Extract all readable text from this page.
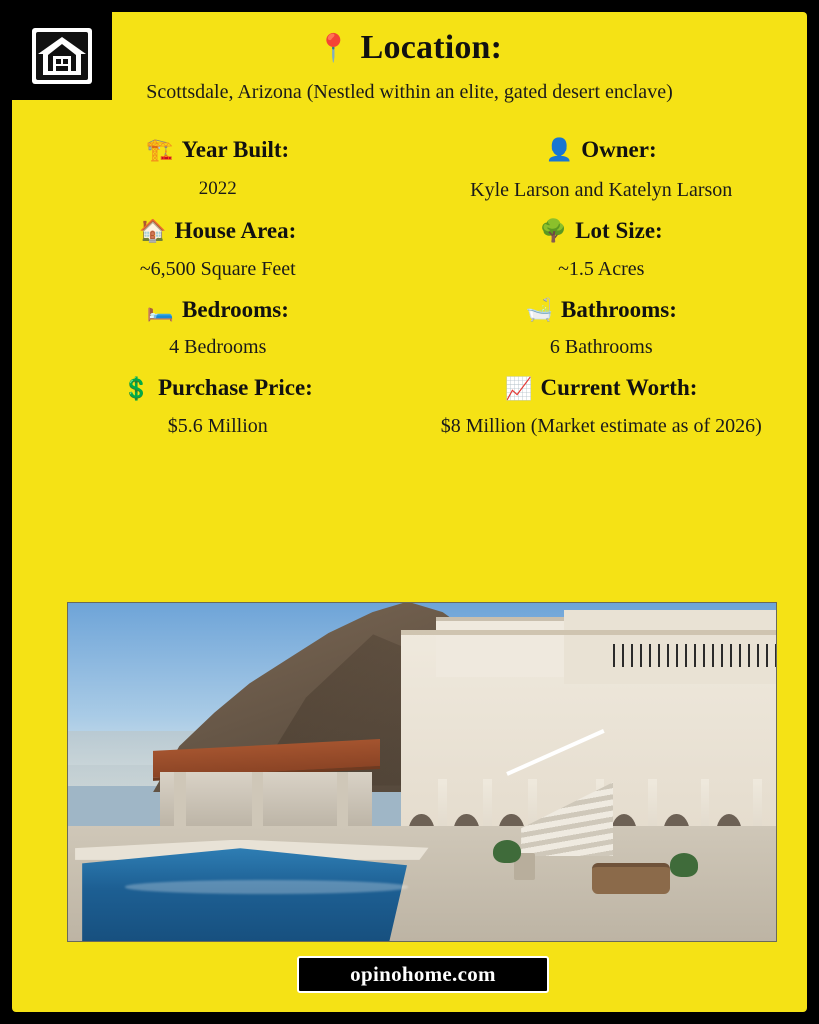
📍 Location:
Scottsdale, Arizona (Nestled within an elite, gated desert enclave)
🏗️ Year Built:
2022
👤 Owner:
Kyle Larson and Katelyn Larson
🏠 House Area:
~6,500 Square Feet
🌳 Lot Size:
~1.5 Acres
🛏️ Bedrooms:
4 Bedrooms
🛁 Bathrooms:
6 Bathrooms
💲 Purchase Price:
$5.6 Million
📈 Current Worth:
$8 Million (Market estimate as of 2026)
opinohome.com
